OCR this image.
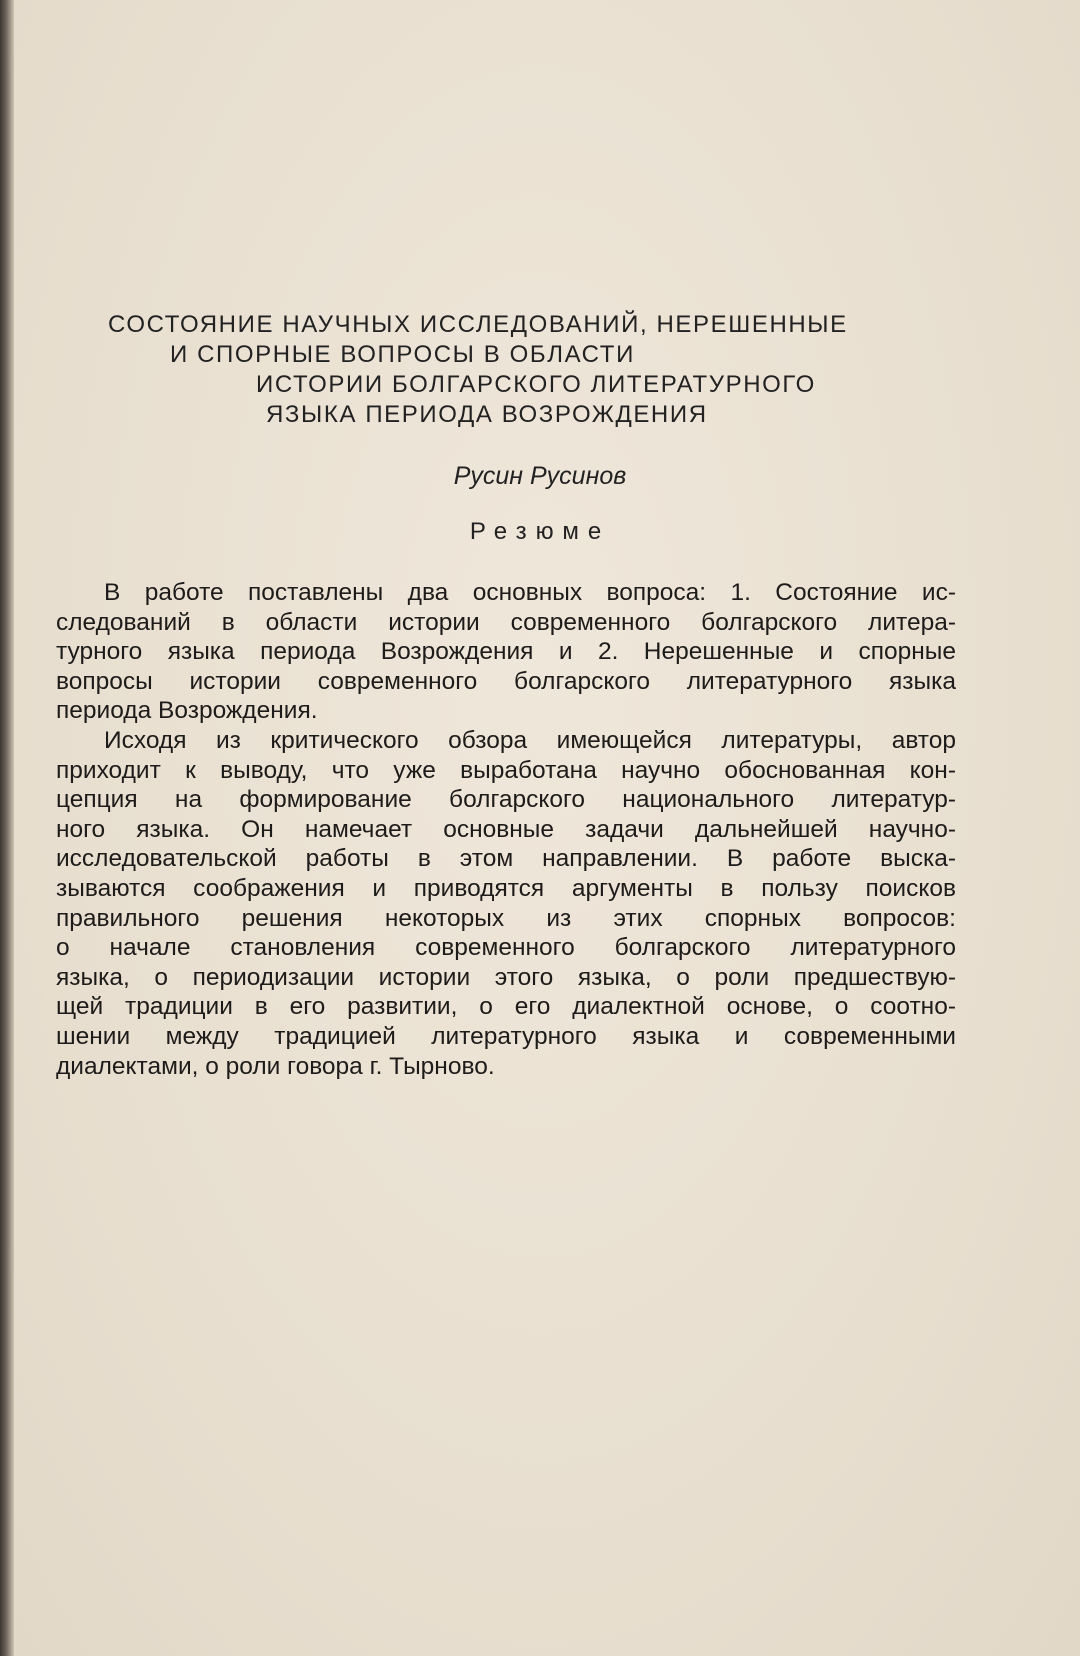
СОСТОЯНИЕ НАУЧНЫХ ИССЛЕДОВАНИЙ, НЕРЕШЕННЫЕ
И СПОРНЫЕ ВОПРОСЫ В ОБЛАСТИ
ИСТОРИИ БОЛГАРСКОГО ЛИТЕРАТУРНОГО
ЯЗЫКА ПЕРИОДА ВОЗРОЖДЕНИЯ
Русин Русинов
Резюме
В работе поставлены два основных вопроса: 1. Состояние ис-
следований в области истории современного болгарского литера-
турного языка периода Возрождения и 2. Нерешенные и спорные
вопросы истории современного болгарского литературного языка
периода Возрождения.
Исходя из критического обзора имеющейся литературы, автор
приходит к выводу, что уже выработана научно обоснованная кон-
цепция на формирование болгарского национального литератур-
ного языка. Он намечает основные задачи дальнейшей научно-
исследовательской работы в этом направлении. В работе выска-
зываются соображения и приводятся аргументы в пользу поисков
правильного решения некоторых из этих спорных вопросов:
о начале становления современного болгарского литературного
языка, о периодизации истории этого языка, о роли предшествую-
щей традиции в его развитии, о его диалектной основе, о соотно-
шении между традицией литературного языка и современными
диалектами, о роли говора г. Тырново.
